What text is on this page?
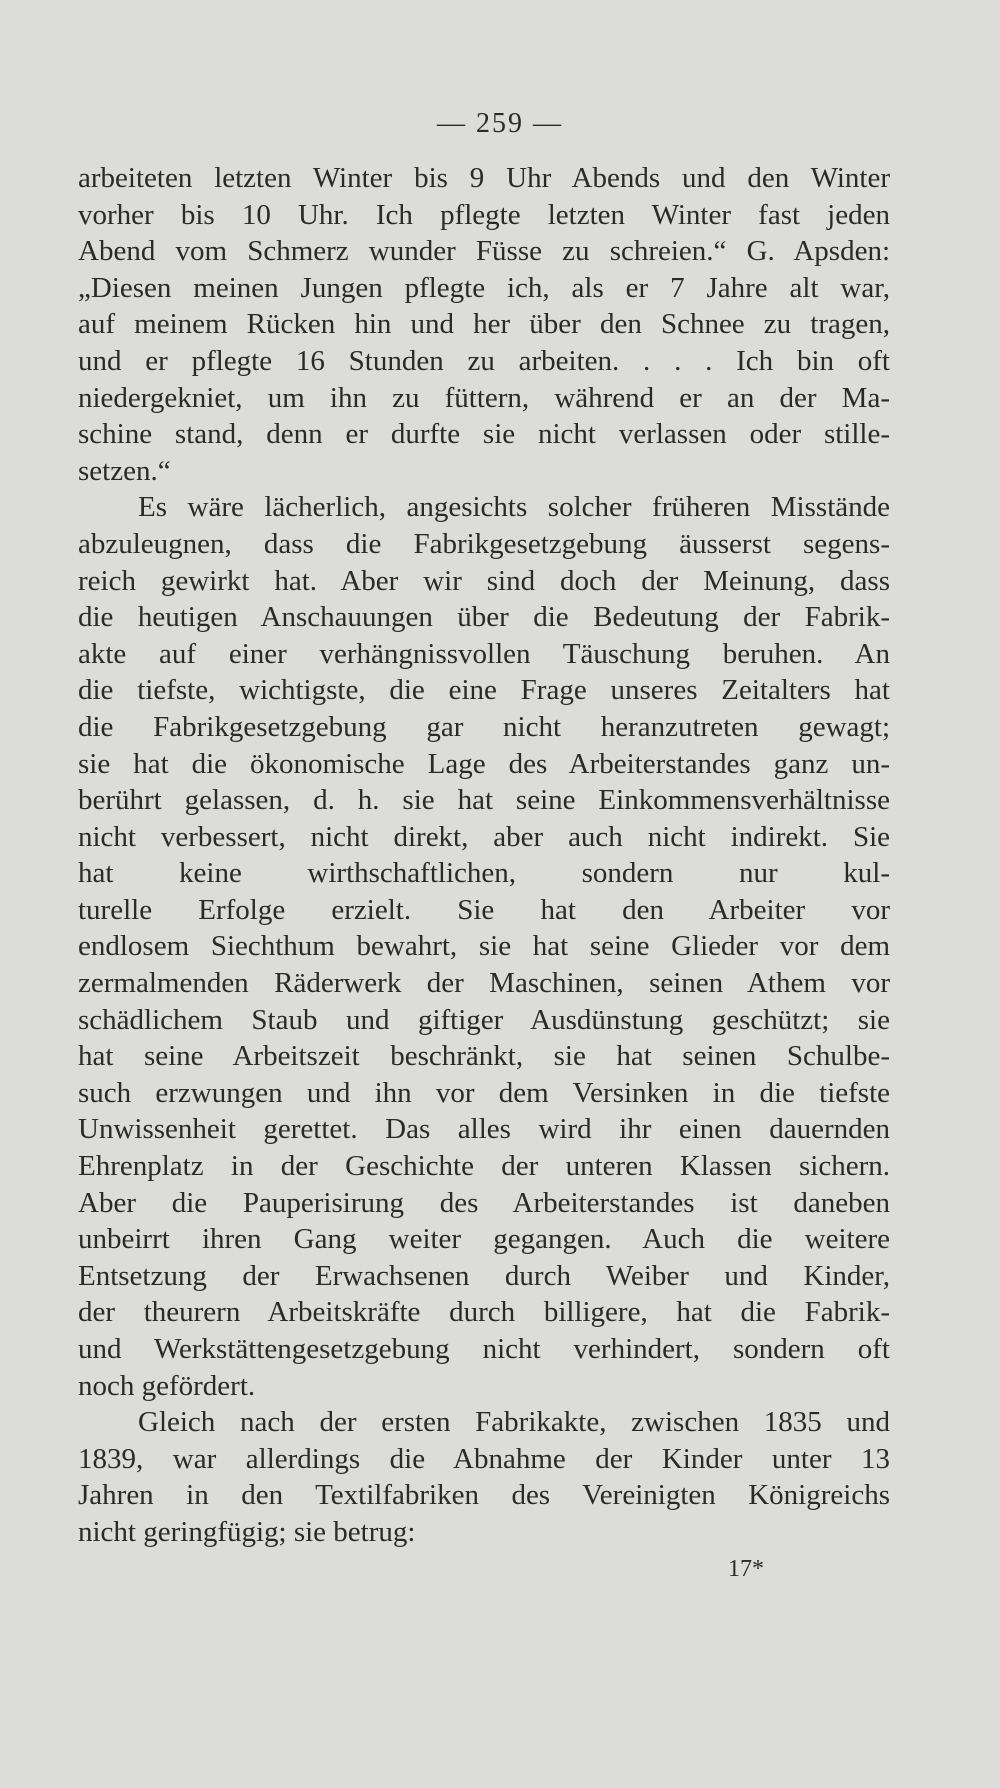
— 259 —
arbeiteten letzten Winter bis 9 Uhr Abends und den Winter
vorher bis 10 Uhr. Ich pflegte letzten Winter fast jeden
Abend vom Schmerz wunder Füsse zu schreien.“ G. Apsden:
„Diesen meinen Jungen pflegte ich, als er 7 Jahre alt war,
auf meinem Rücken hin und her über den Schnee zu tragen,
und er pflegte 16 Stunden zu arbeiten. . . . Ich bin oft
niedergekniet, um ihn zu füttern, während er an der Ma-
schine stand, denn er durfte sie nicht verlassen oder stille-
setzen.“
Es wäre lächerlich, angesichts solcher früheren Misstände
abzuleugnen, dass die Fabrikgesetzgebung äusserst segens-
reich gewirkt hat. Aber wir sind doch der Meinung, dass
die heutigen Anschauungen über die Bedeutung der Fabrik-
akte auf einer verhängnissvollen Täuschung beruhen. An
die tiefste, wichtigste, die eine Frage unseres Zeitalters hat
die Fabrikgesetzgebung gar nicht heranzutreten gewagt;
sie hat die ökonomische Lage des Arbeiterstandes ganz un-
berührt gelassen, d. h. sie hat seine Einkommensverhältnisse
nicht verbessert, nicht direkt, aber auch nicht indirekt. Sie
hat keine wirthschaftlichen, sondern nur kul-
turelle Erfolge erzielt. Sie hat den Arbeiter vor
endlosem Siechthum bewahrt, sie hat seine Glieder vor dem
zermalmenden Räderwerk der Maschinen, seinen Athem vor
schädlichem Staub und giftiger Ausdünstung geschützt; sie
hat seine Arbeitszeit beschränkt, sie hat seinen Schulbe-
such erzwungen und ihn vor dem Versinken in die tiefste
Unwissenheit gerettet. Das alles wird ihr einen dauernden
Ehrenplatz in der Geschichte der unteren Klassen sichern.
Aber die Pauperisirung des Arbeiterstandes ist daneben
unbeirrt ihren Gang weiter gegangen. Auch die weitere
Entsetzung der Erwachsenen durch Weiber und Kinder,
der theurern Arbeitskräfte durch billigere, hat die Fabrik-
und Werkstättengesetzgebung nicht verhindert, sondern oft
noch gefördert.
Gleich nach der ersten Fabrikakte, zwischen 1835 und
1839, war allerdings die Abnahme der Kinder unter 13
Jahren in den Textilfabriken des Vereinigten Königreichs
nicht geringfügig; sie betrug:
17*
